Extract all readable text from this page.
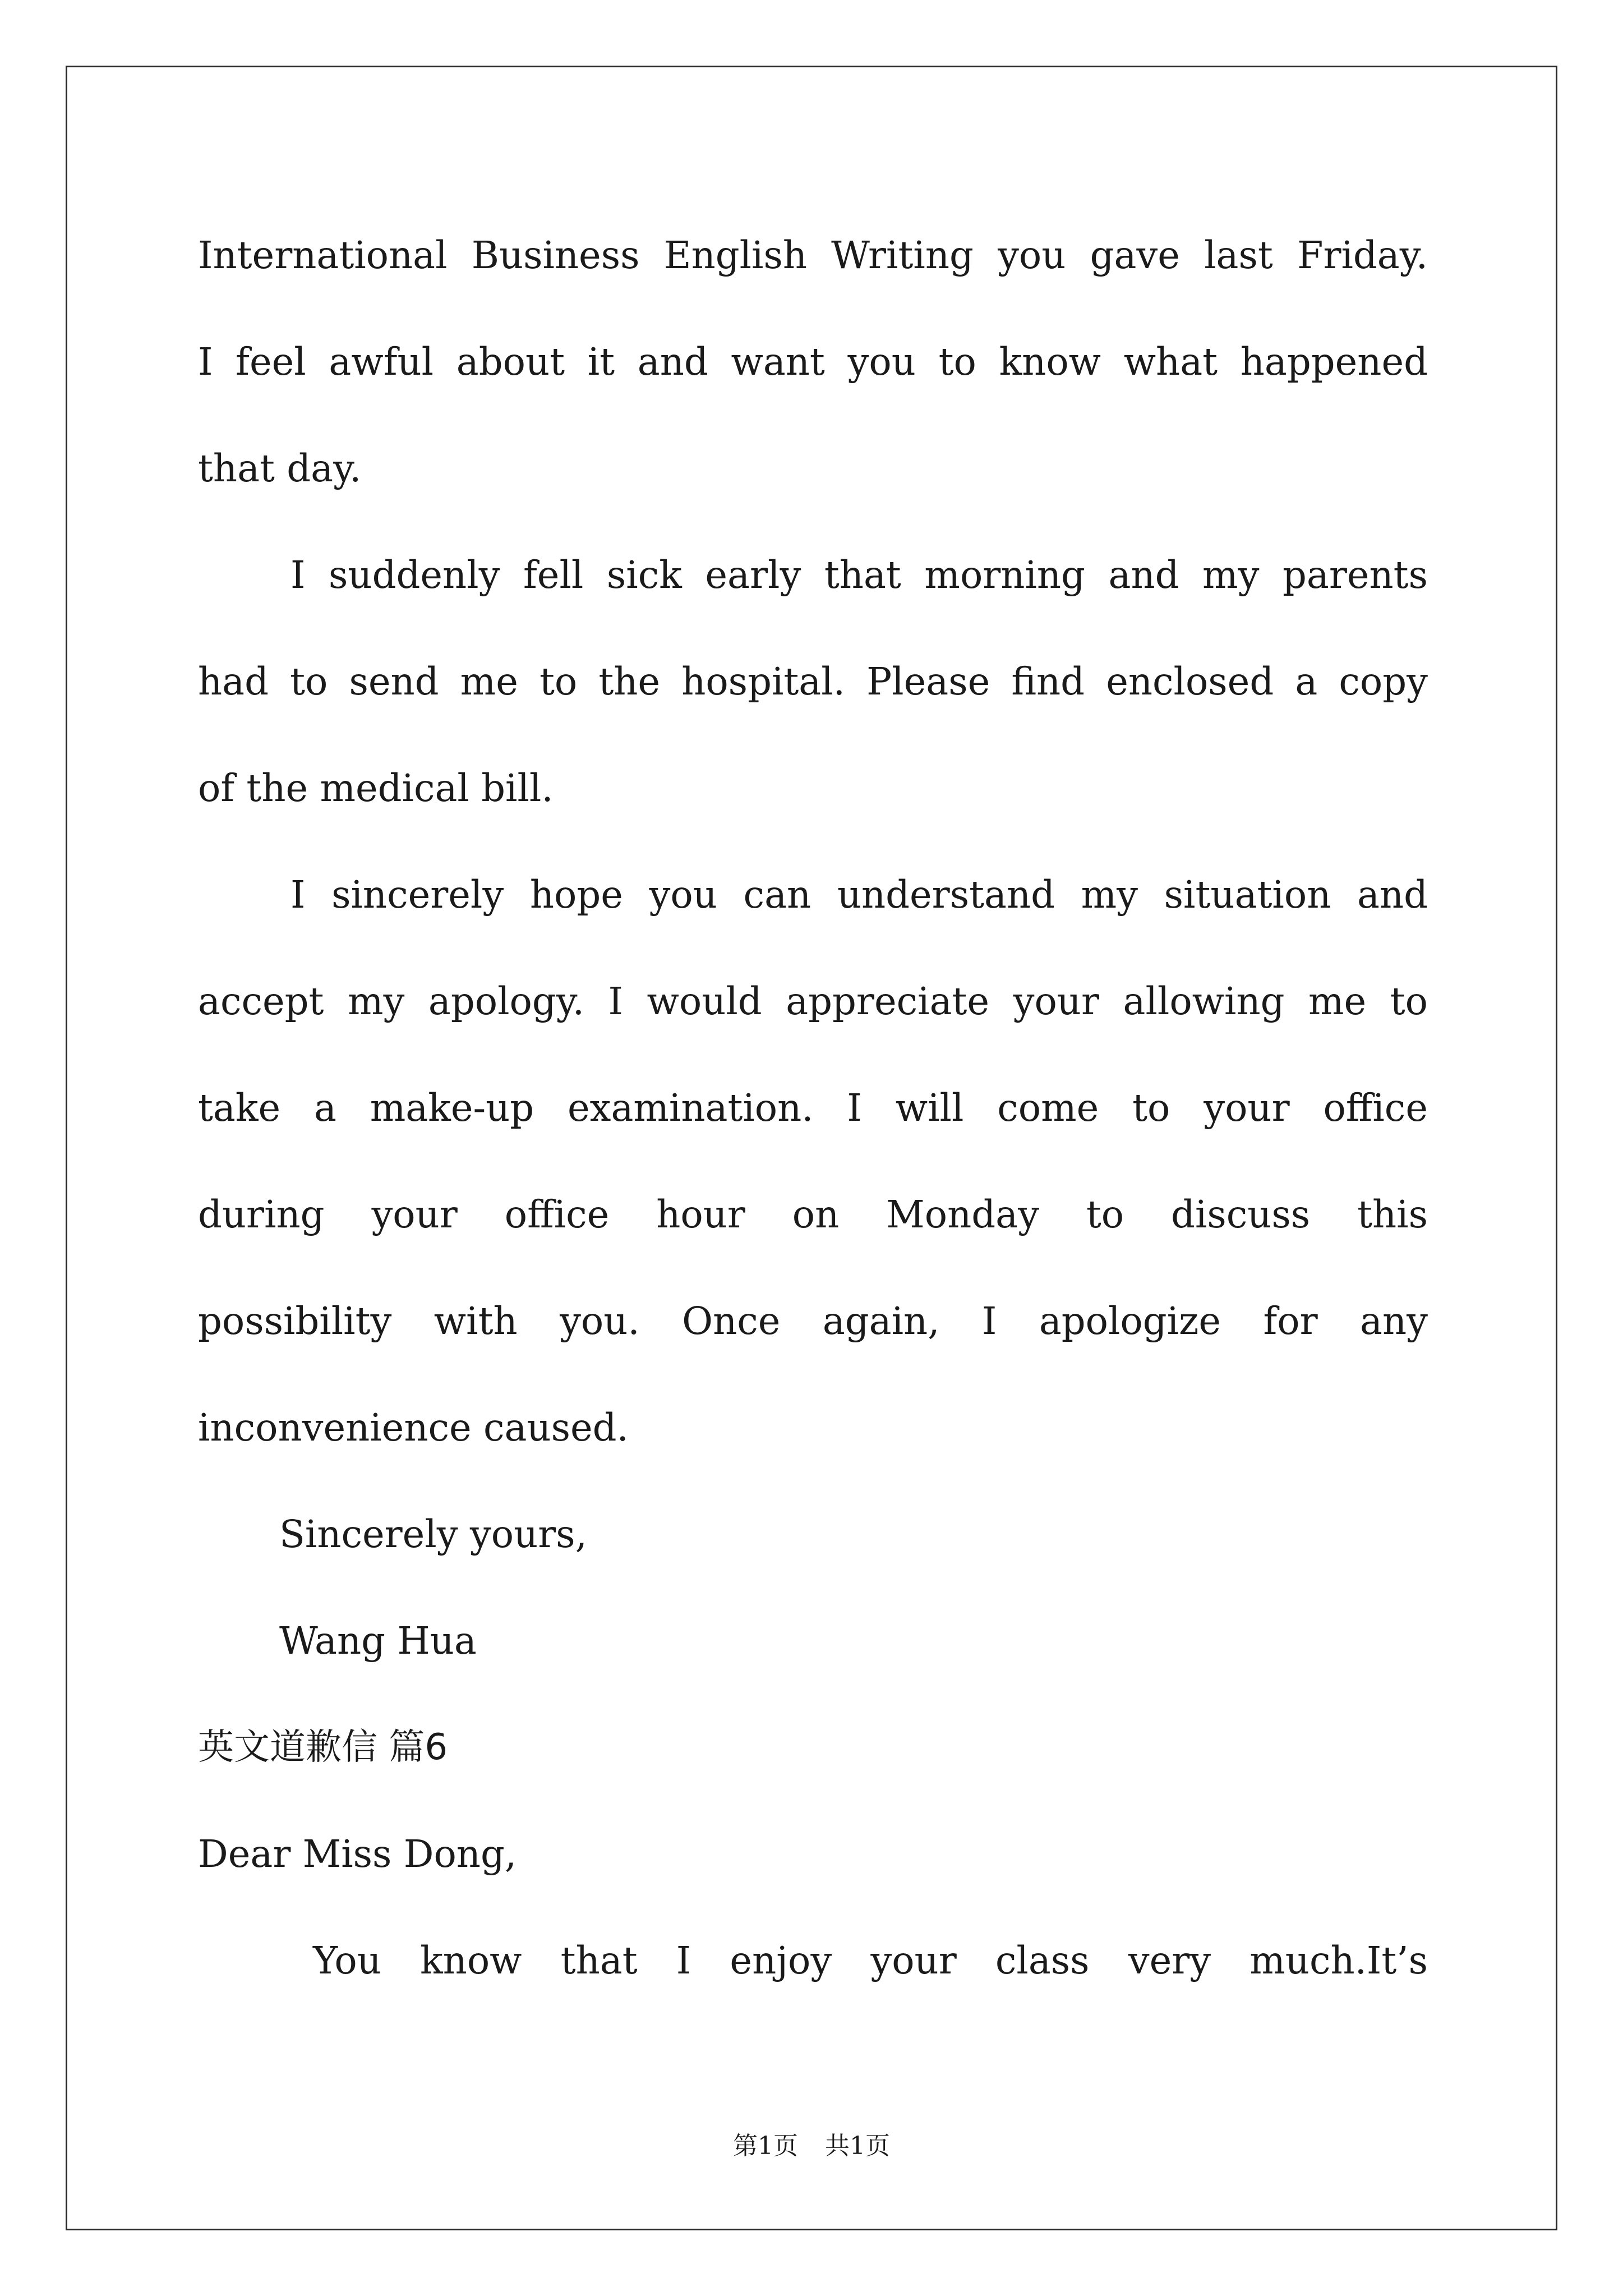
International Business English Writing you gave last Friday.
I feel awful about it and want you to know what happened
that day.
I suddenly fell sick early that morning and my parents
had to send me to the hospital. Please find enclosed a copy
of the medical bill.
I sincerely hope you can understand my situation and
accept my apology. I would appreciate your allowing me to
take a make-up examination. I will come to your office
during your office hour on Monday to discuss this
possibility with you. Once again, I apologize for any
inconvenience caused.
Sincerely yours,
Wang Hua
英文道歉信 篇6
Dear Miss Dong,
You know that I enjoy your class very much.It’s
第1页 共1页
